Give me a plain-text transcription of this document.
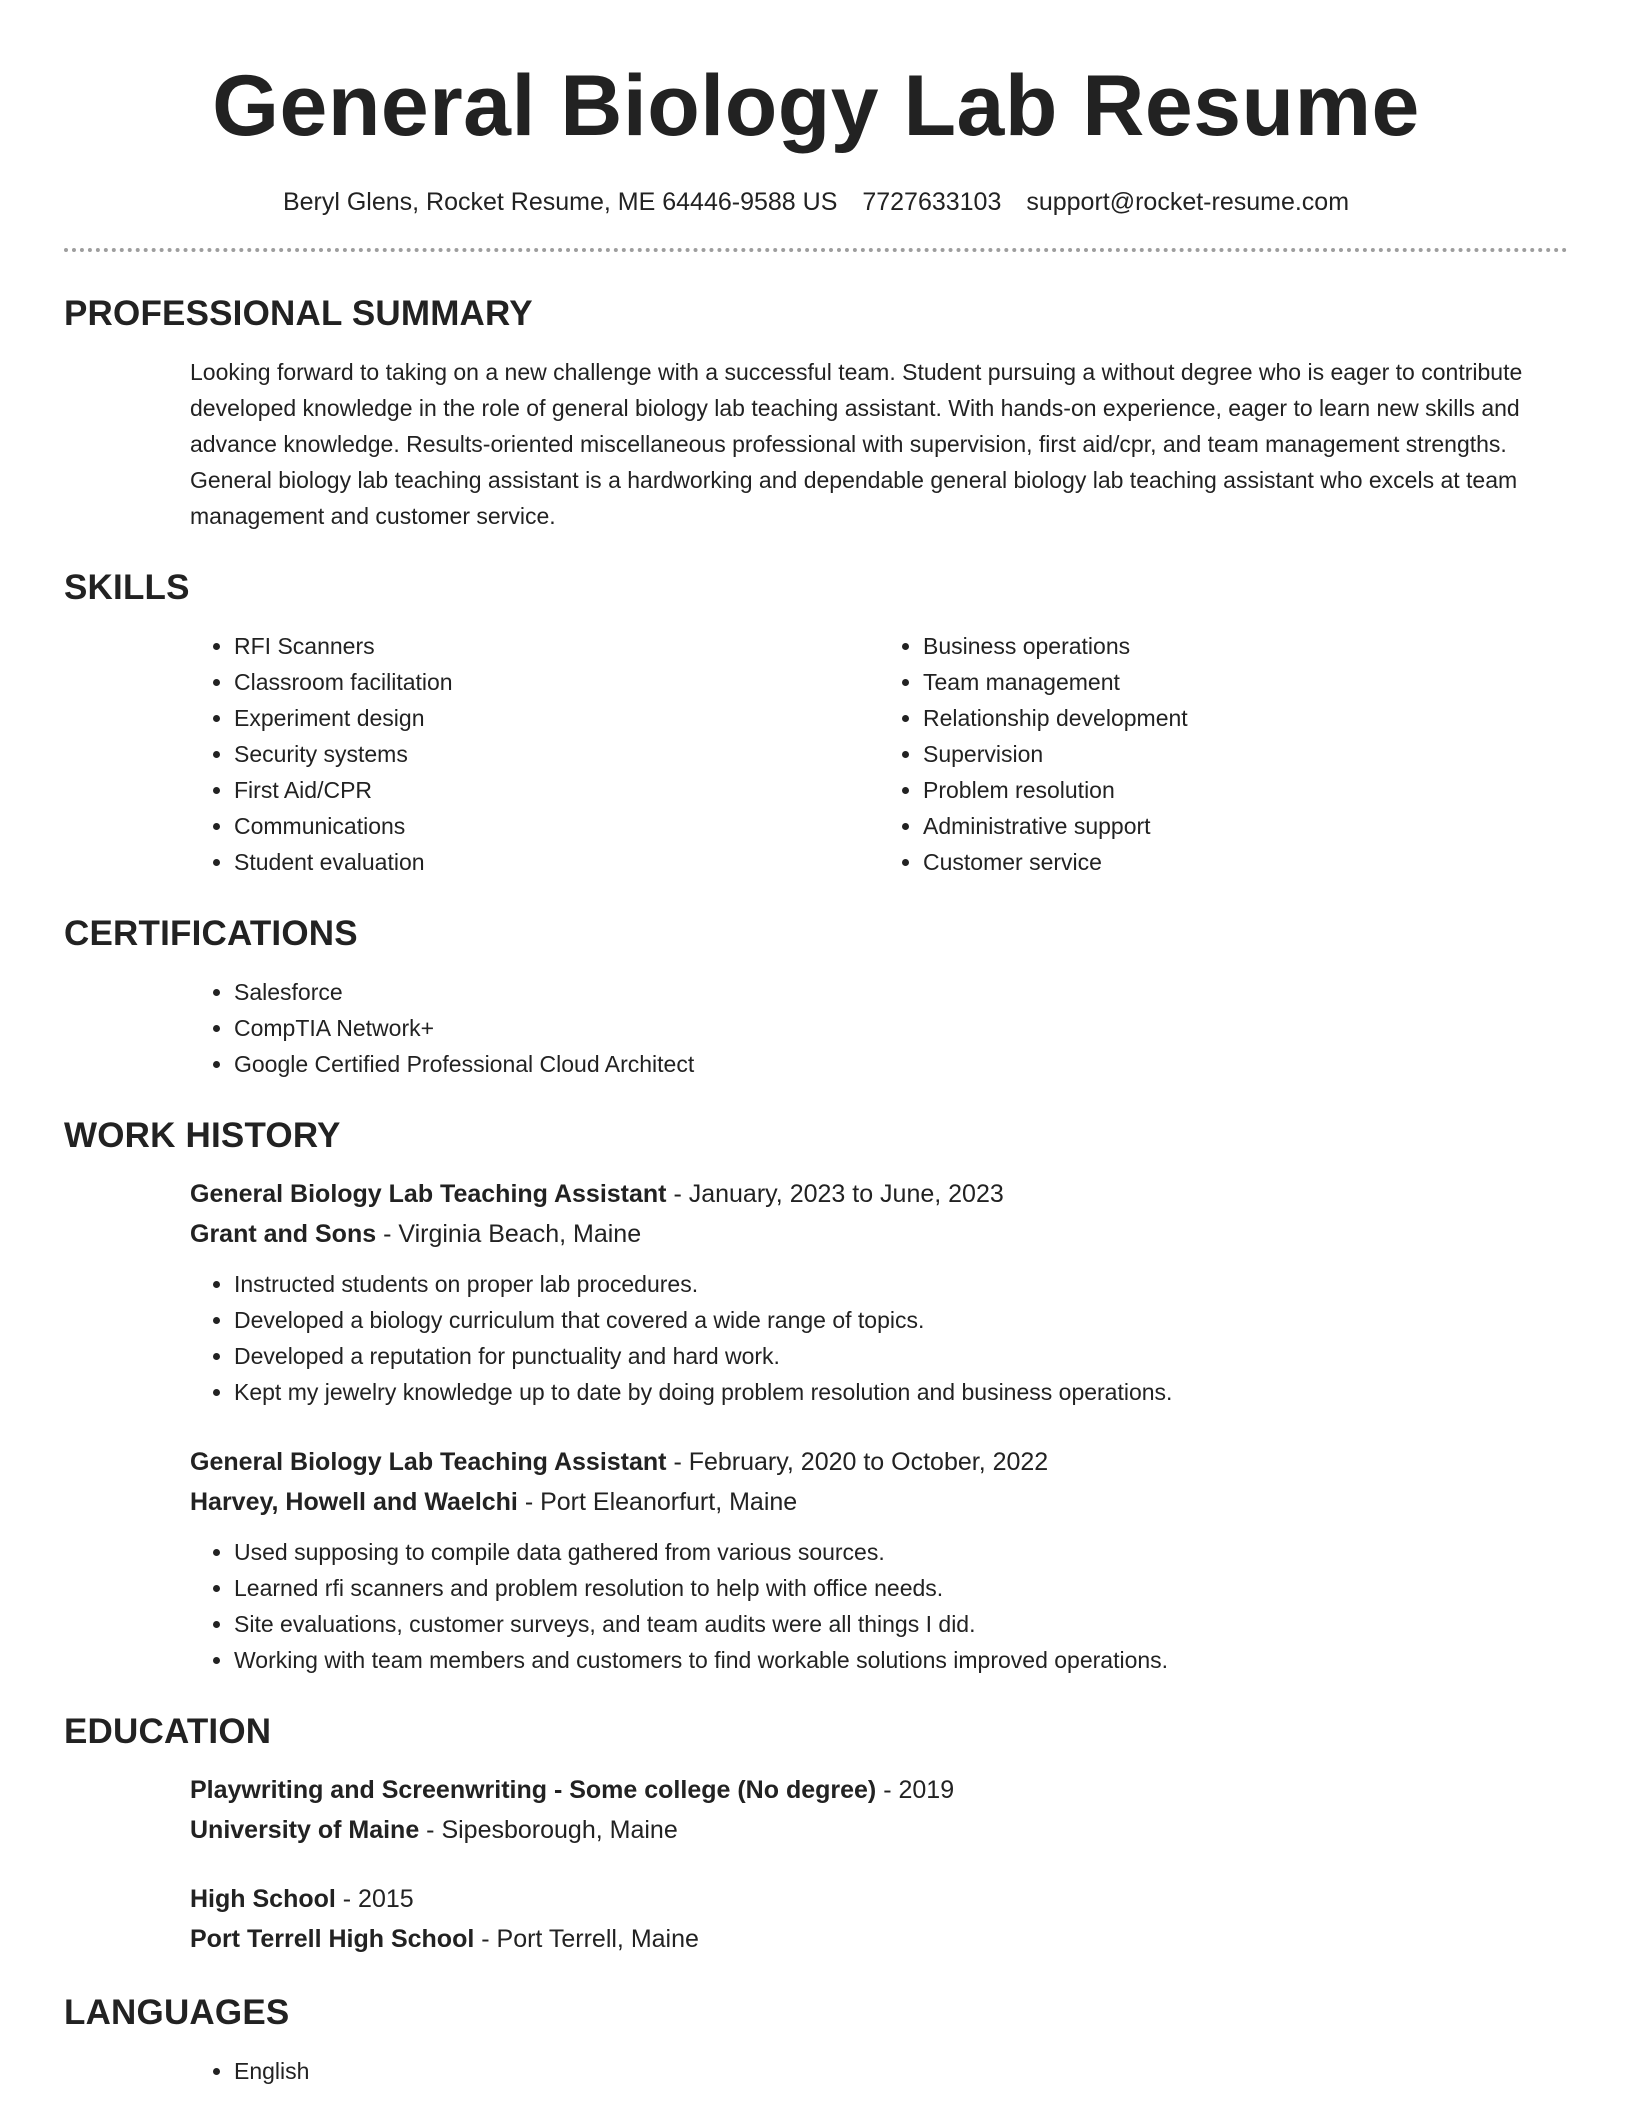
General Biology Lab Resume
Beryl Glens, Rocket Resume, ME 64446-9588 US 7727633103 support@rocket-resume.com
PROFESSIONAL SUMMARY

Looking forward to taking on a new challenge with a successful team. Student pursuing a without degree who is eager to contribute developed knowledge in the role of general biology lab teaching assistant. With hands-on experience, eager to learn new skills and advance knowledge. Results-oriented miscellaneous professional with supervision, first aid/cpr, and team management strengths. General biology lab teaching assistant is a hardworking and dependable general biology lab teaching assistant who excels at team management and customer service.

SKILLS
• RFI Scanners
• Classroom facilitation
• Experiment design
• Security systems
• First Aid/CPR
• Communications
• Student evaluation
• Business operations
• Team management
• Relationship development
• Supervision
• Problem resolution
• Administrative support
• Customer service
CERTIFICATIONS
• Salesforce
• CompTIA Network+
• Google Certified Professional Cloud Architect
WORK HISTORY
General Biology Lab Teaching Assistant - January, 2023 to June, 2023
Grant and Sons - Virginia Beach, Maine
• Instructed students on proper lab procedures.
• Developed a biology curriculum that covered a wide range of topics.
• Developed a reputation for punctuality and hard work.
• Kept my jewelry knowledge up to date by doing problem resolution and business operations.
General Biology Lab Teaching Assistant - February, 2020 to October, 2022
Harvey, Howell and Waelchi - Port Eleanorfurt, Maine
• Used supposing to compile data gathered from various sources.
• Learned rfi scanners and problem resolution to help with office needs.
• Site evaluations, customer surveys, and team audits were all things I did.
• Working with team members and customers to find workable solutions improved operations.
EDUCATION
Playwriting and Screenwriting - Some college (No degree) - 2019
University of Maine - Sipesborough, Maine
High School - 2015
Port Terrell High School - Port Terrell, Maine
LANGUAGES
• English
